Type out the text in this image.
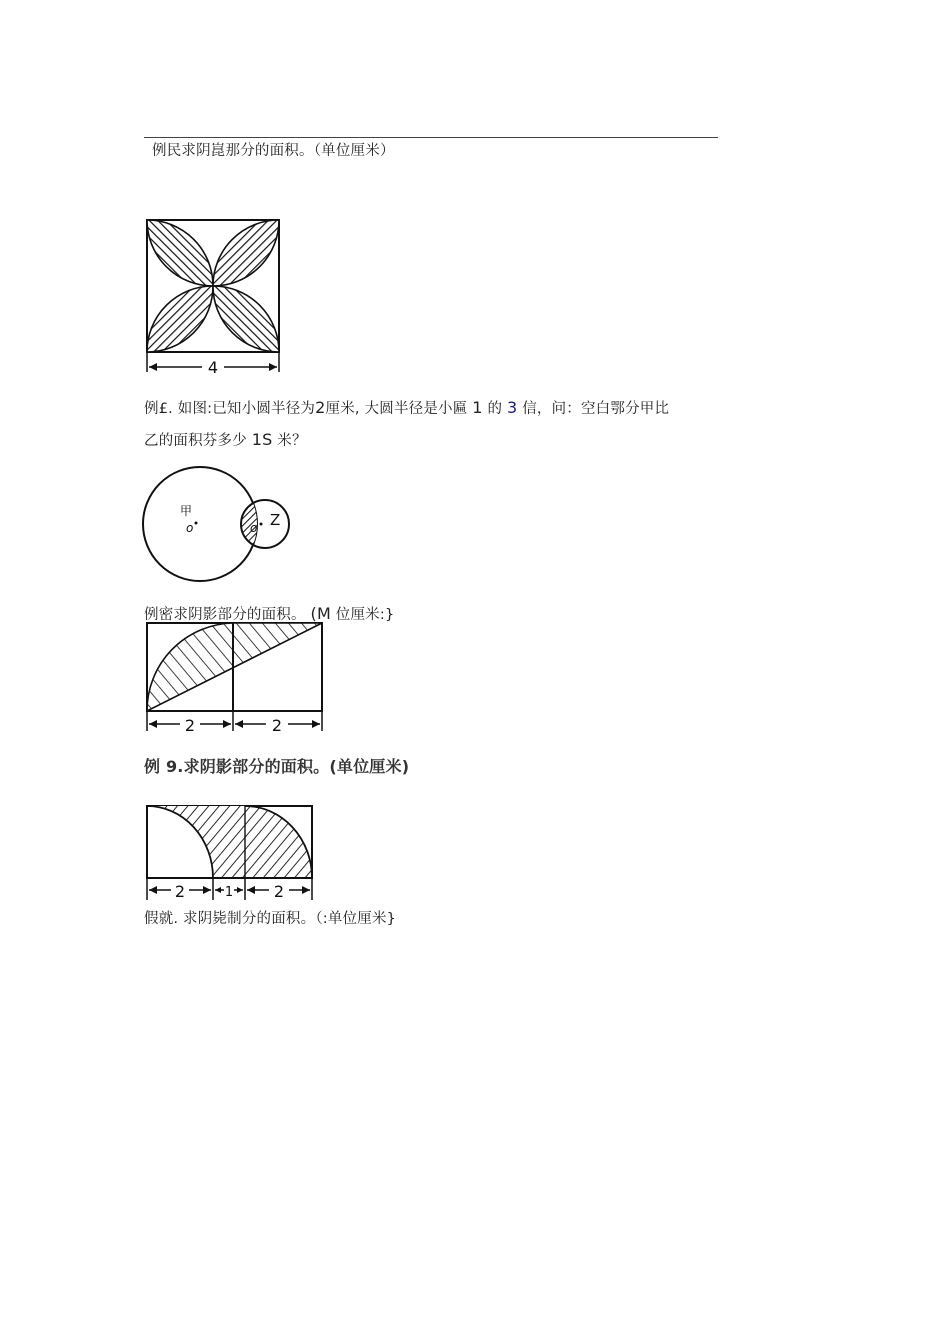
例民求阴崑那分的面积。（单位厘米）
4
例£. 如图:已知小圆半径为2厘米, 大圆半径是小匾 1 的 3 信，问：空白鄂分甲比
乙的面积芬多少 1S 米？
甲
o	o Z
例密求阴影部分的面积。 (M 位厘米:}
2	2
例 9.求阴影部分的面积。(单位厘米)
2	1	2
假就. 求阴毙制分的面积。（:单位厘米}
